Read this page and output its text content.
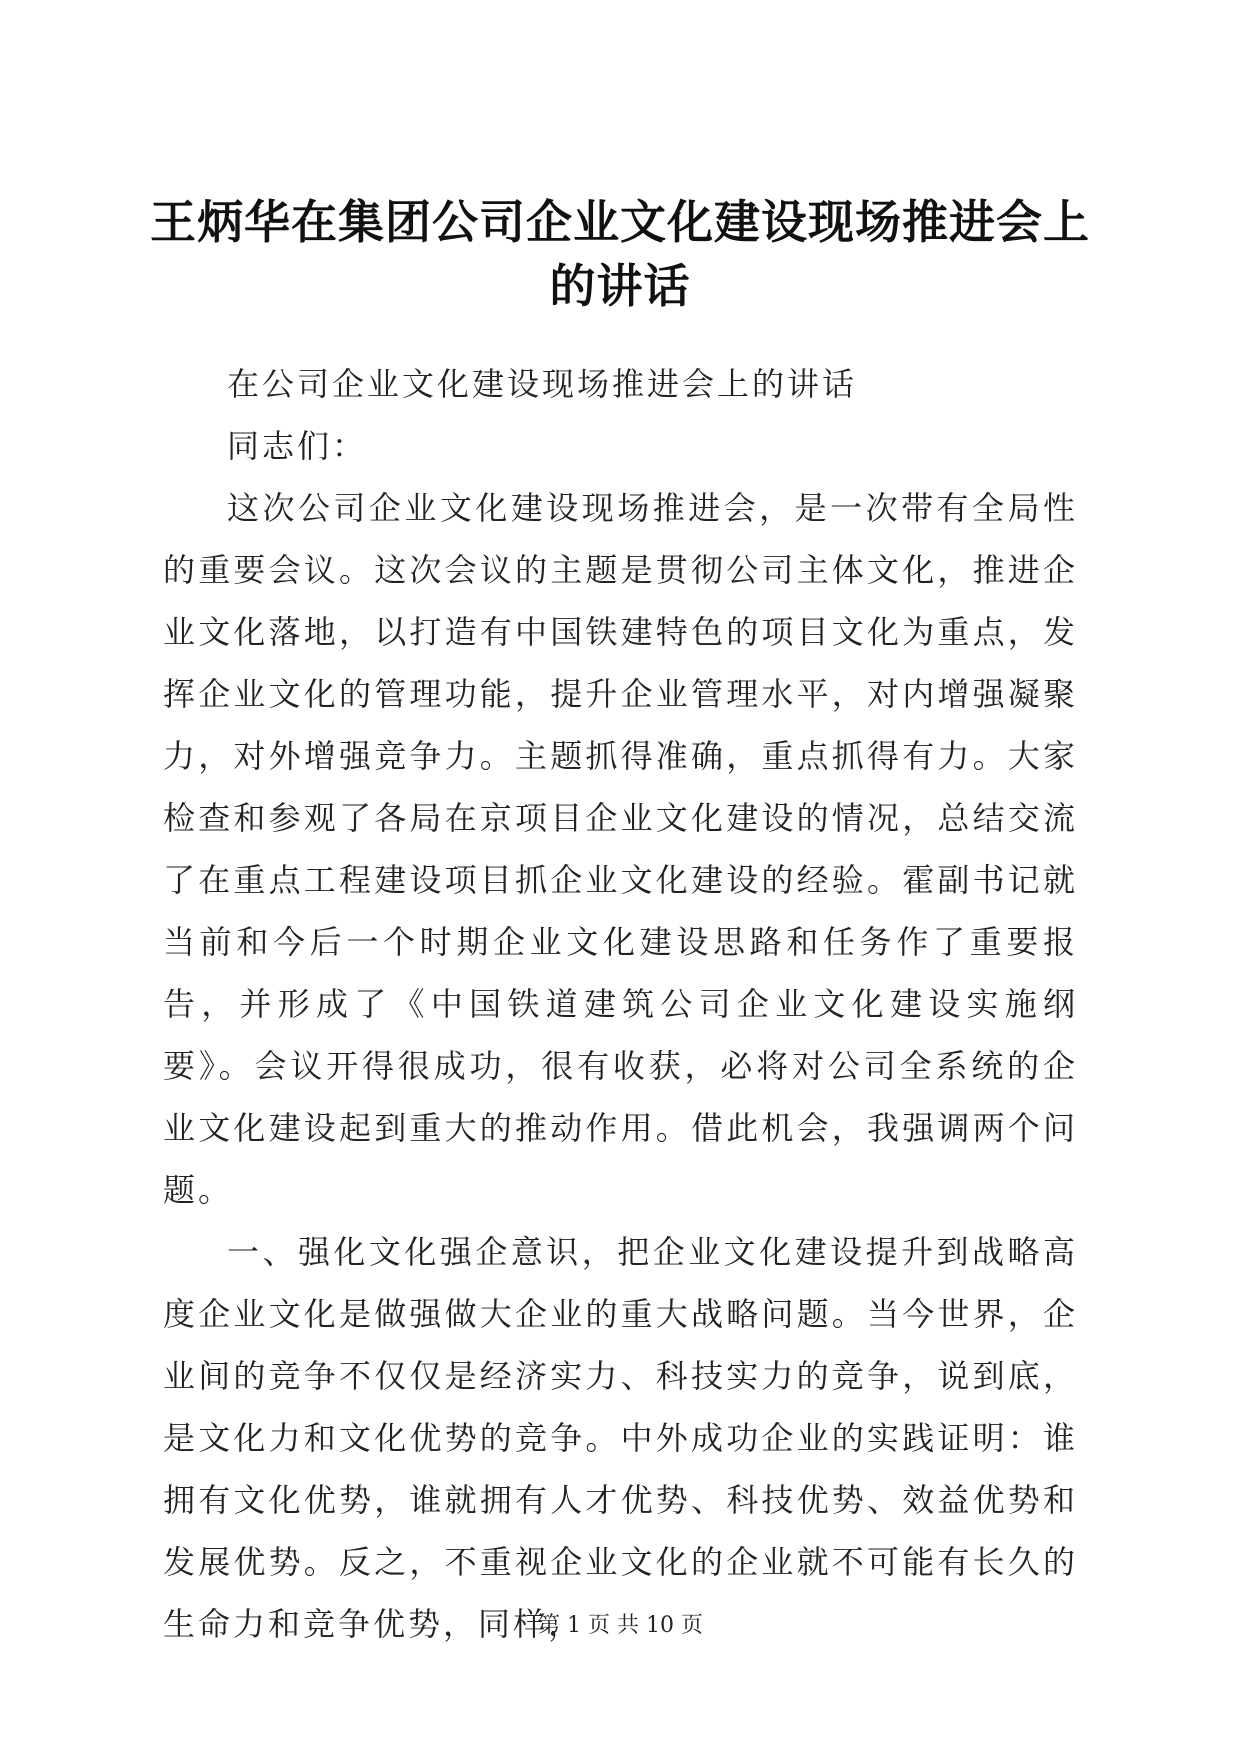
王炳华在集团公司企业文化建设现场推进会上的讲话

在公司企业文化建设现场推进会上的讲话

同志们：

这次公司企业文化建设现场推进会，是一次带有全局性的重要会议。这次会议的主题是贯彻公司主体文化，推进企业文化落地，以打造有中国铁建特色的项目文化为重点，发挥企业文化的管理功能，提升企业管理水平，对内增强凝聚力，对外增强竞争力。主题抓得准确，重点抓得有力。大家检查和参观了各局在京项目企业文化建设的情况，总结交流了在重点工程建设项目抓企业文化建设的经验。霍副书记就当前和今后一个时期企业文化建设思路和任务作了重要报告，并形成了《中国铁道建筑公司企业文化建设实施纲要》。会议开得很成功，很有收获，必将对公司全系统的企业文化建设起到重大的推动作用。借此机会，我强调两个问题。

一、强化文化强企意识，把企业文化建设提升到战略高度企业文化是做强做大企业的重大战略问题。当今世界，企业间的竞争不仅仅是经济实力、科技实力的竞争，说到底，是文化力和文化优势的竞争。中外成功企业的实践证明：谁拥有文化优势，谁就拥有人才优势、科技优势、效益优势和发展优势。反之，不重视企业文化的企业就不可能有长久的生命力和竞争优势，同样，

第 1 页 共 10 页
